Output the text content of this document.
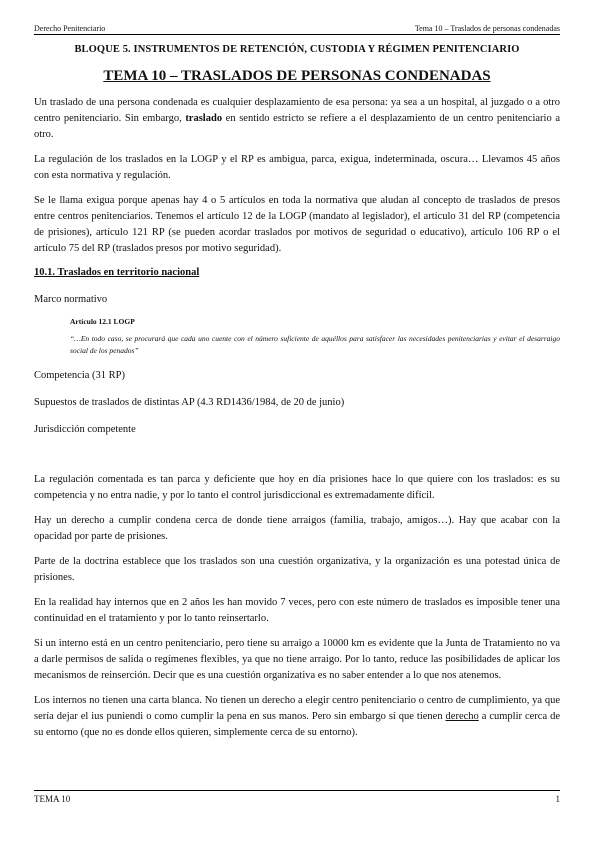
Derecho Penitenciario	Tema 10 – Traslados de personas condenadas
BLOQUE 5. INSTRUMENTOS DE RETENCIÓN, CUSTODIA Y RÉGIMEN PENITENCIARIO
TEMA 10 – TRASLADOS DE PERSONAS CONDENADAS

Un traslado de una persona condenada es cualquier desplazamiento de esa persona: ya sea a un hospital, al juzgado o a otro centro penitenciario. Sin embargo, traslado en sentido estricto se refiere a el desplazamiento de un centro penitenciario a otro.

La regulación de los traslados en la LOGP y el RP es ambigua, parca, exigua, indeterminada, oscura… Llevamos 45 años con esta normativa y regulación.

Se le llama exigua porque apenas hay 4 o 5 artículos en toda la normativa que aludan al concepto de traslados de presos entre centros penitenciarios. Tenemos el artículo 12 de la LOGP (mandato al legislador), el artículo 31 del RP (competencia de prisiones), artículo 121 RP (se pueden acordar traslados por motivos de seguridad o educativo), artículo 106 RP o el artículo 75 del RP (traslados presos por motivo seguridad).

10.1. Traslados en territorio nacional

Marco normativo

Artículo 12.1 LOGP

“…En todo caso, se procurará que cada uno cuente con el número suficiente de aquéllos para satisfacer las necesidades penitenciarias y evitar el desarraigo social de los penados”

Competencia (31 RP)

Supuestos de traslados de distintas AP (4.3 RD1436/1984, de 20 de junio)

Jurisdicción competente

La regulación comentada es tan parca y deficiente que hoy en día prisiones hace lo que quiere con los traslados: es su competencia y no entra nadie, y por lo tanto el control jurisdiccional es extremadamente difícil.

Hay un derecho a cumplir condena cerca de donde tiene arraigos (familia, trabajo, amigos…). Hay que acabar con la opacidad por parte de prisiones.

Parte de la doctrina establece que los traslados son una cuestión organizativa, y la organización es una potestad única de prisiones.

En la realidad hay internos que en 2 años les han movido 7 veces, pero con este número de traslados es imposible tener una continuidad en el tratamiento y por lo tanto reinsertarlo.

Si un interno está en un centro penitenciario, pero tiene su arraigo a 10000 km es evidente que la Junta de Tratamiento no va a darle permisos de salida o regímenes flexibles, ya que no tiene arraigo. Por lo tanto, reduce las posibilidades de aplicar los mecanismos de reinserción. Decir que es una cuestión organizativa es no saber entender a lo que nos atenemos.

Los internos no tienen una carta blanca. No tienen un derecho a elegir centro penitenciario o centro de cumplimiento, ya que sería dejar el ius puniendi o como cumplir la pena en sus manos. Pero sin embargo sí que tienen derecho a cumplir cerca de su entorno (que no es donde ellos quieren, simplemente cerca de su entorno).

TEMA 10	1
